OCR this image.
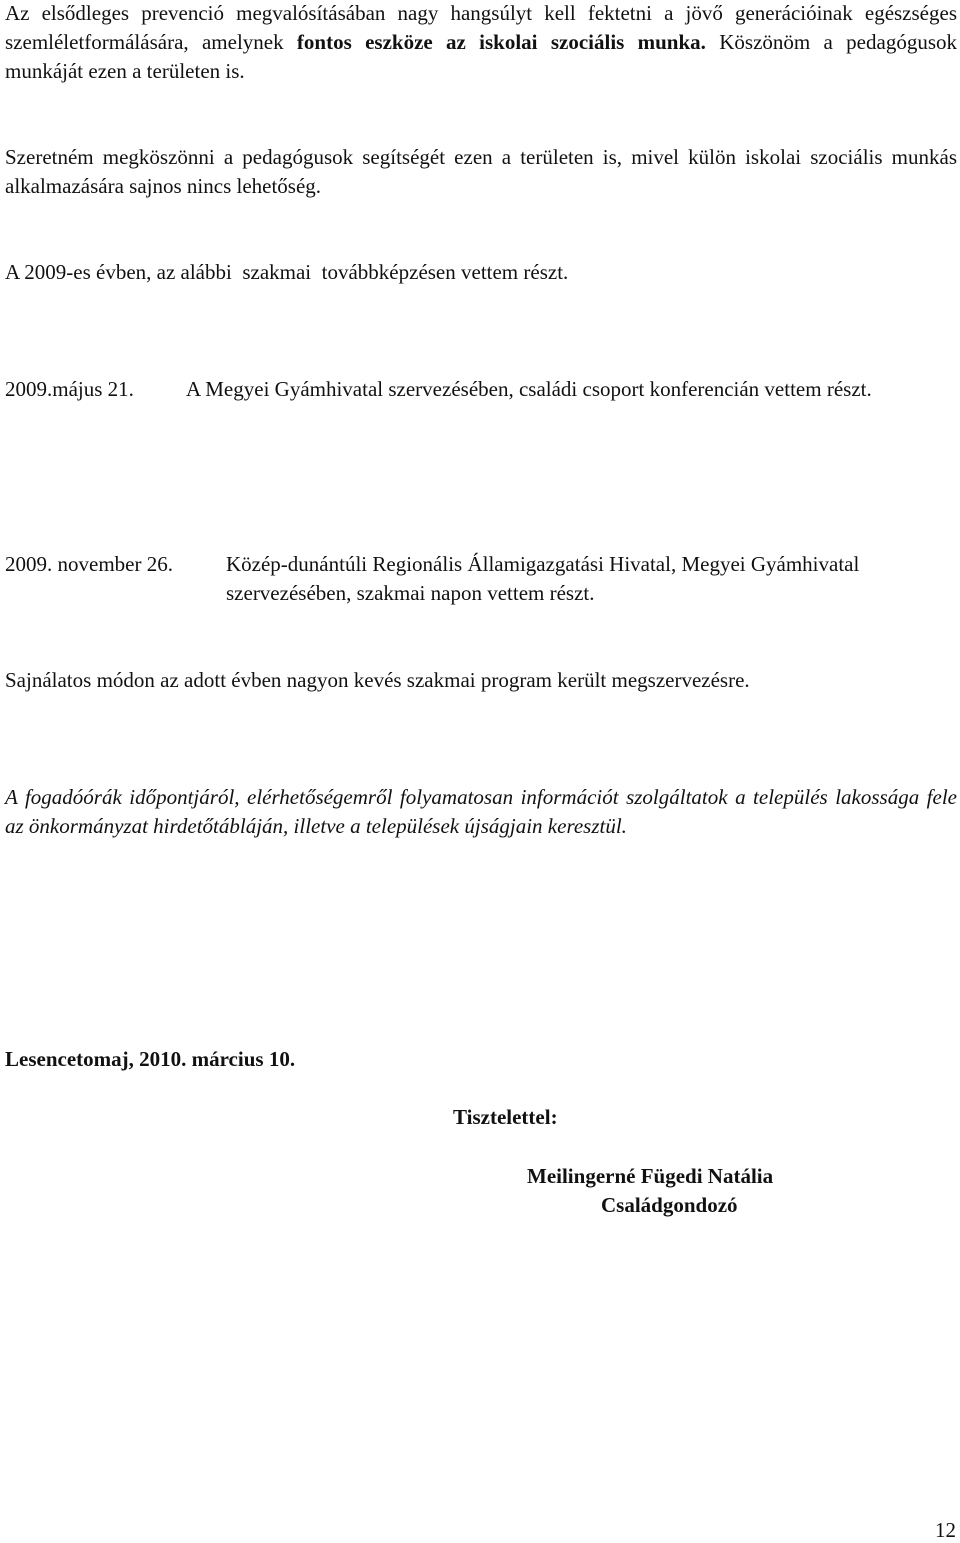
Az elsődleges prevenció megvalósításában nagy hangsúlyt kell fektetni a jövő generációinak egészséges szemléletformálására, amelynek fontos eszköze az iskolai szociális munka. Köszönöm a pedagógusok munkáját ezen a területen is.

Szeretném megköszönni a pedagógusok segítségét ezen a területen is, mivel külön iskolai szociális munkás alkalmazására sajnos nincs lehetőség.

A 2009-es évben, az alábbi  szakmai  továbbképzésen vettem részt.

2009.május 21. A Megyei Gyámhivatal szervezésében, családi csoport konferencián vettem részt.
2009. november 26.	Közép-dunántúli Regionális Államigazgatási Hivatal, Megyei Gyámhivatal szervezésében, szakmai napon vettem részt.

Sajnálatos módon az adott évben nagyon kevés szakmai program került megszervezésre.

A fogadóórák időpontjáról, elérhetőségemről folyamatosan információt szolgáltatok a település lakossága fele az önkormányzat hirdetőtábláján, illetve a települések újságjain keresztül.

Lesencetomaj, 2010. március 10.
Tisztelettel:
Meilingerné Fügedi Natália
Családgondozó
12
